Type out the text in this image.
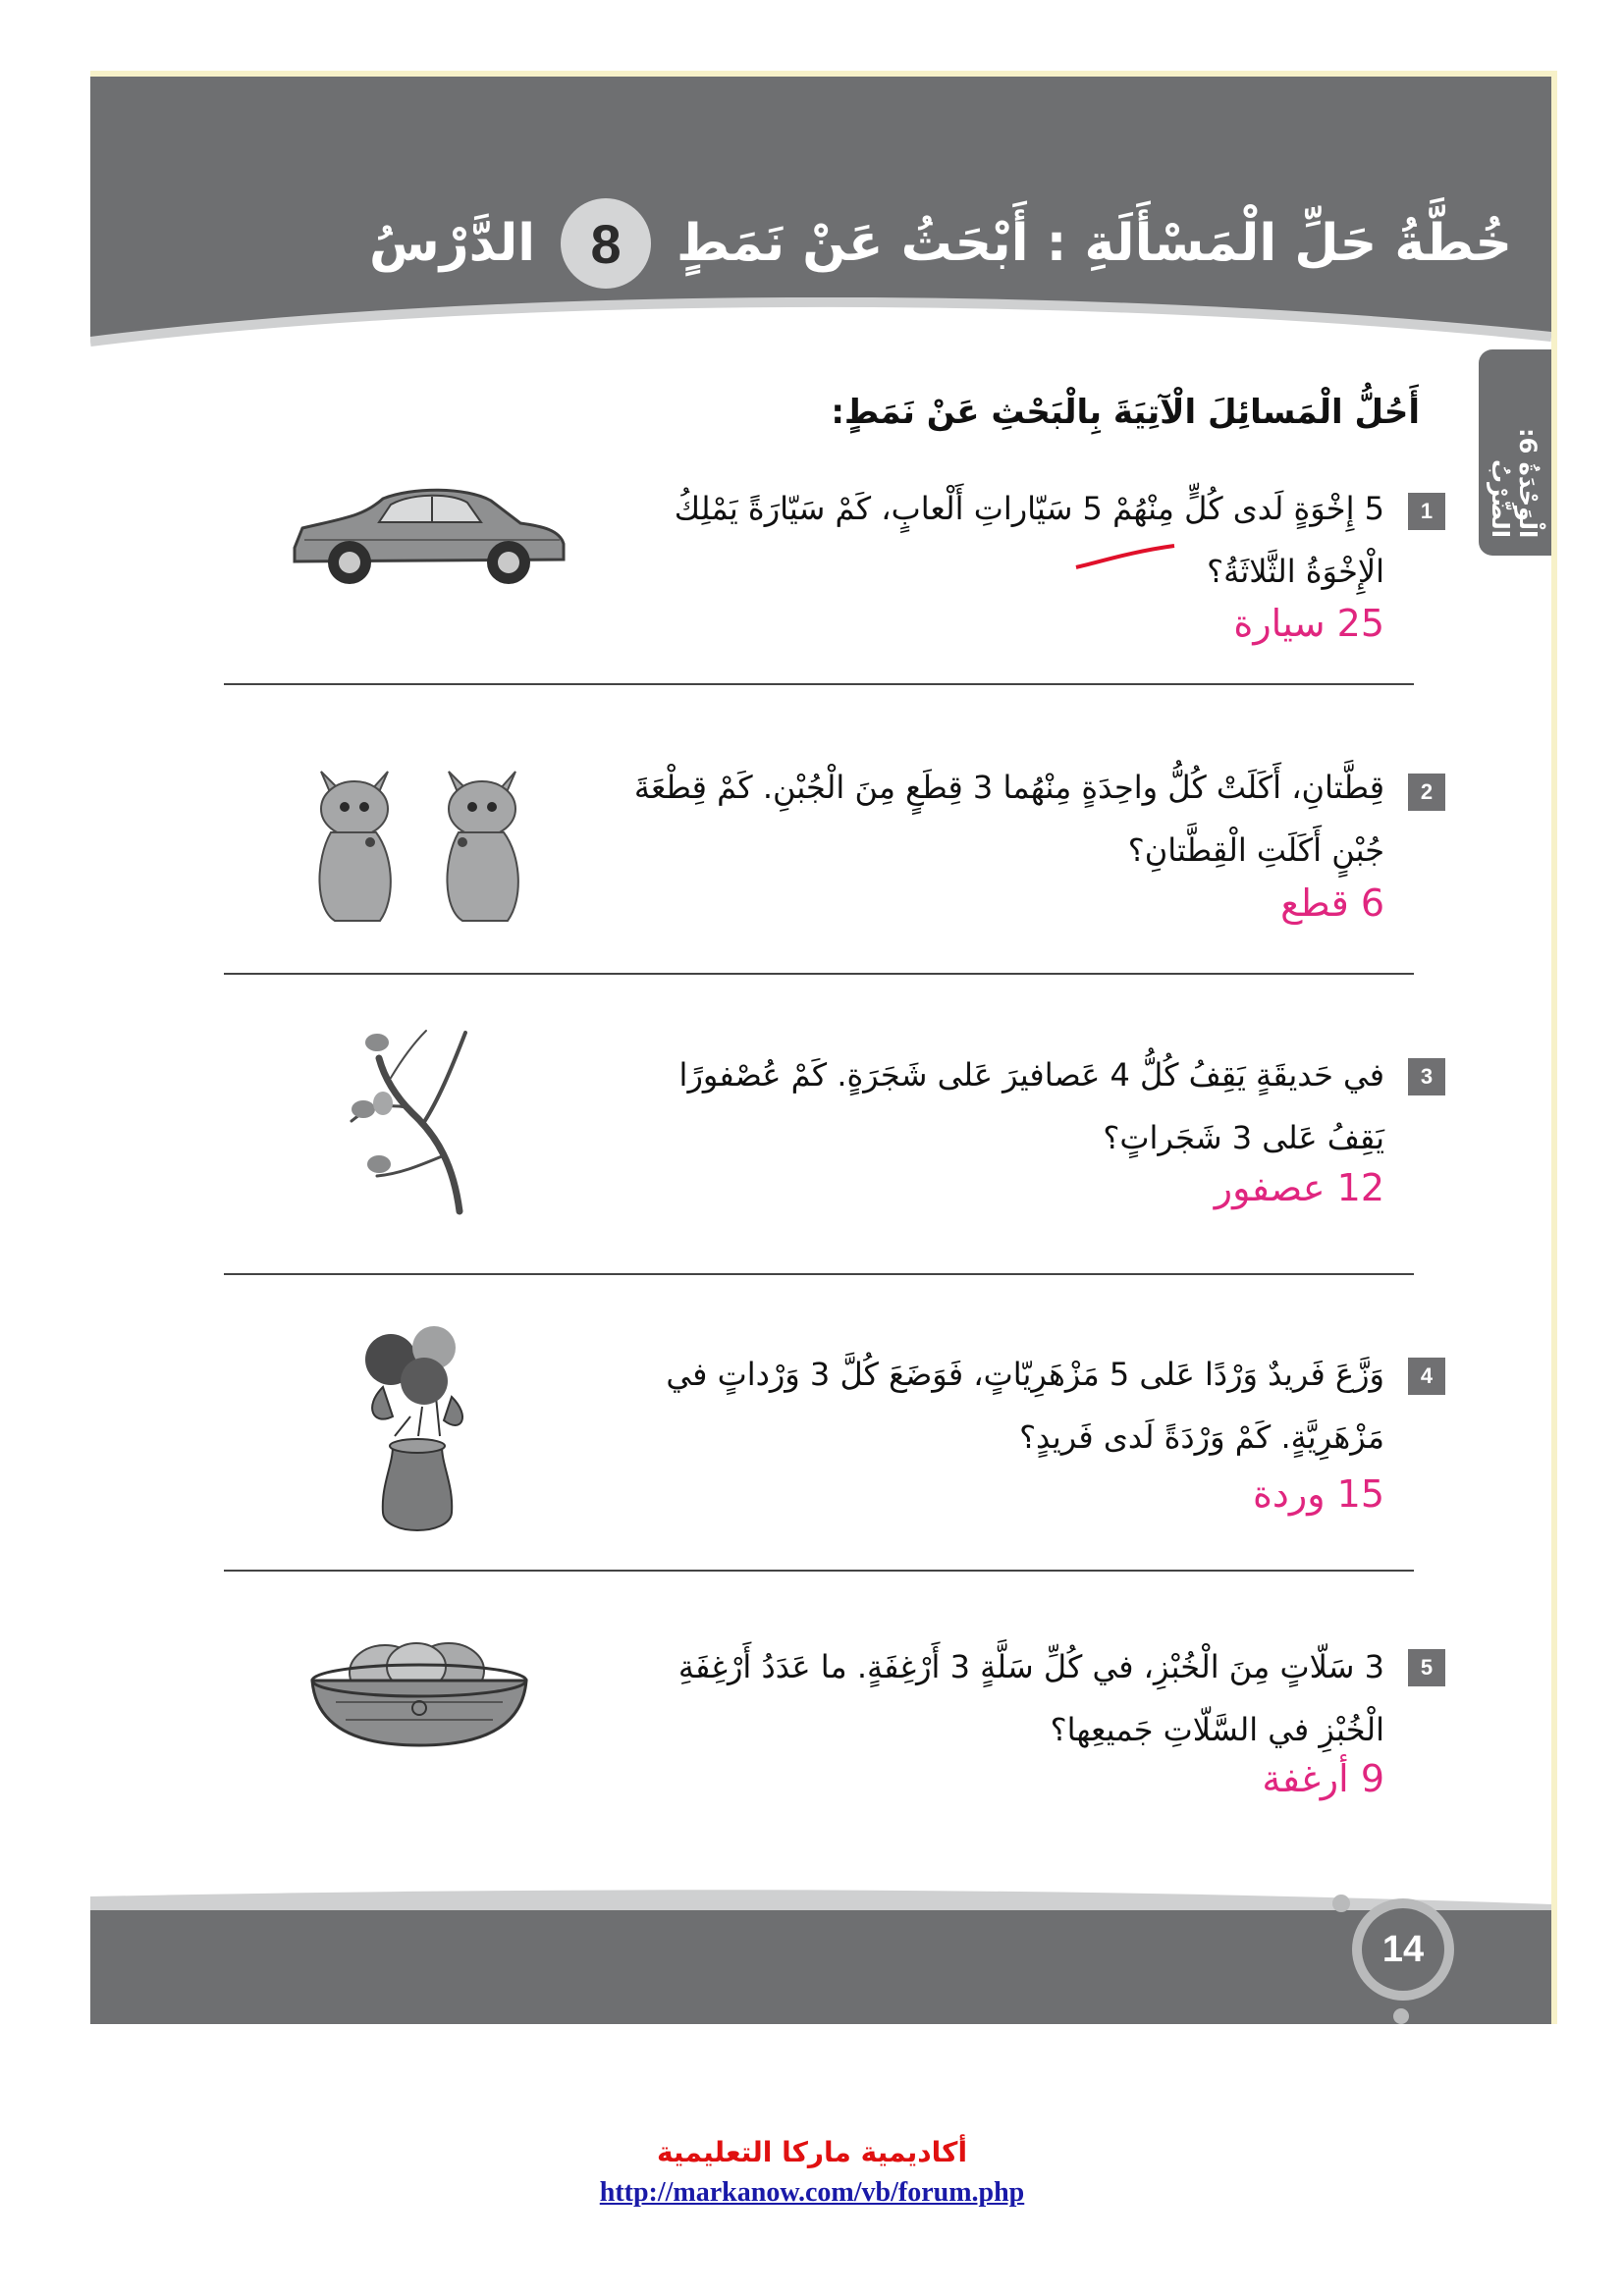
الدَّرْسُ	8	خُطَّةُ حَلِّ الْمَسْأَلَةِ : أَبْحَثُ عَنْ نَمَطٍ
الْوَحْدَةُ 6: الضَّرْبُ
أَحُلُّ الْمَسائِلَ الْآتِيَةَ بِالْبَحْثِ عَنْ نَمَطٍ:
1
5 إِخْوَةٍ لَدى كُلٍّ مِنْهُمْ 5 سَيّاراتِ أَلْعابٍ، كَمْ سَيّارَةً يَمْلِكُ الْإِخْوَةُ الثَّلاثَةُ؟
25 سيارة
2
قِطَّتانِ، أَكَلَتْ كُلُّ واحِدَةٍ مِنْهُما 3 قِطَعٍ مِنَ الْجُبْنِ. كَمْ قِطْعَةَ جُبْنٍ أَكَلَتِ الْقِطَّتانِ؟
6 قطع
3
في حَديقَةٍ يَقِفُ كُلُّ 4 عَصافيرَ عَلى شَجَرَةٍ. كَمْ عُصْفورًا يَقِفُ عَلى 3 شَجَراتٍ؟
12 عصفور
4
وَزَّعَ فَريدٌ وَرْدًا عَلى 5 مَزْهَرِيّاتٍ، فَوَضَعَ كُلَّ 3 وَرْداتٍ في مَزْهَرِيَّةٍ. كَمْ وَرْدَةً لَدى فَريدٍ؟
15 وردة
5
3 سَلّاتٍ مِنَ الْخُبْزِ، في كُلِّ سَلَّةٍ 3 أَرْغِفَةٍ. ما عَدَدُ أَرْغِفَةِ الْخُبْزِ في السَّلّاتِ جَميعِها؟
9 أرغفة
14
أكاديمية ماركا التعليمية
http://markanow.com/vb/forum.php
